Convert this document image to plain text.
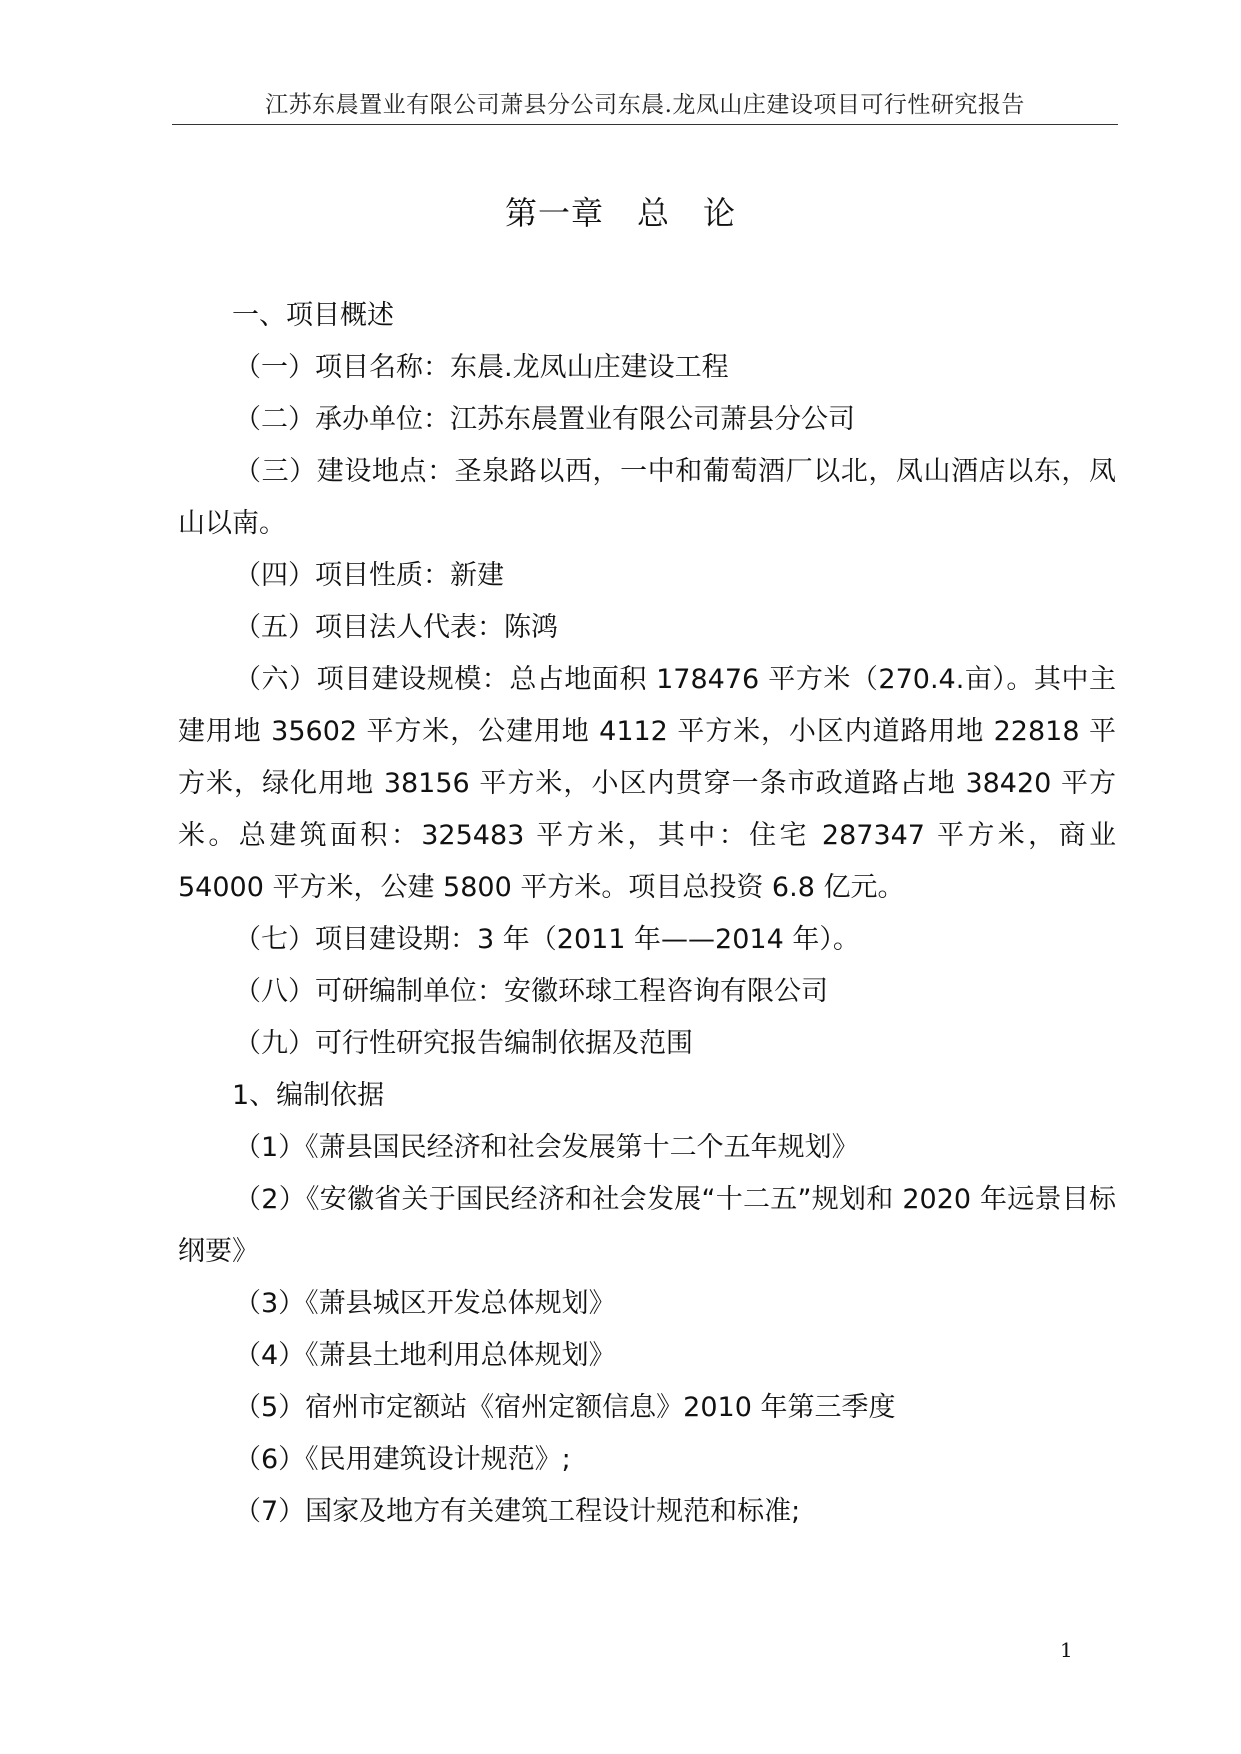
江苏东晨置业有限公司萧县分公司东晨.龙凤山庄建设项目可行性研究报告
第一章　总　论

一、项目概述

（一）项目名称：东晨.龙凤山庄建设工程

（二）承办单位：江苏东晨置业有限公司萧县分公司

（三）建设地点：圣泉路以西，一中和葡萄酒厂以北，凤山酒店以东，凤山以南。

（四）项目性质：新建

（五）项目法人代表：陈鸿

（六）项目建设规模：总占地面积 178476 平方米（270.4.亩）。其中主建用地 35602 平方米，公建用地 4112 平方米，小区内道路用地 22818 平方米，绿化用地 38156 平方米，小区内贯穿一条市政道路占地 38420 平方米。总建筑面积：325483 平方米，其中：住宅 287347 平方米，商业 54000 平方米，公建 5800 平方米。项目总投资 6.8 亿元。

（七）项目建设期：3 年（2011 年——2014 年）。

（八）可研编制单位：安徽环球工程咨询有限公司

（九）可行性研究报告编制依据及范围

1、编制依据

（1）《萧县国民经济和社会发展第十二个五年规划》

（2）《安徽省关于国民经济和社会发展“十二五”规划和 2020 年远景目标纲要》

（3）《萧县城区开发总体规划》

（4）《萧县土地利用总体规划》

（5）宿州市定额站《宿州定额信息》2010 年第三季度

（6）《民用建筑设计规范》;

（7）国家及地方有关建筑工程设计规范和标准;

1
